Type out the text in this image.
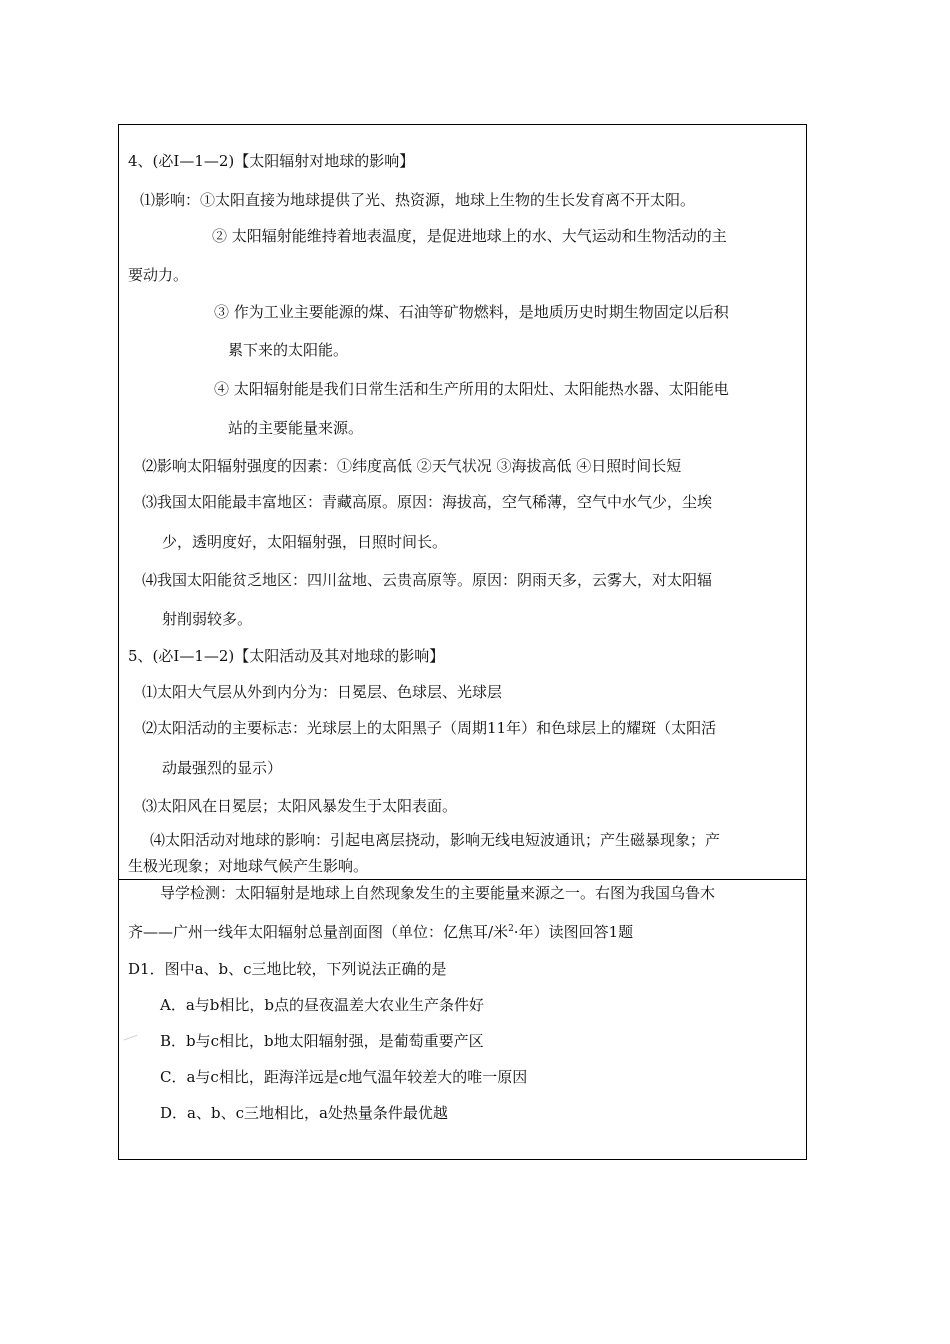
4、(必Ⅰ—1—2)【太阳辐射对地球的影响】
⑴影响：①太阳直接为地球提供了光、热资源，地球上生物的生长发育离不开太阳。
② 太阳辐射能维持着地表温度，是促进地球上的水、大气运动和生物活动的主
要动力。
③ 作为工业主要能源的煤、石油等矿物燃料，是地质历史时期生物固定以后积
累下来的太阳能。
④ 太阳辐射能是我们日常生活和生产所用的太阳灶、太阳能热水器、太阳能电
站的主要能量来源。
⑵影响太阳辐射强度的因素：①纬度高低 ②天气状况 ③海拔高低 ④日照时间长短
⑶我国太阳能最丰富地区：青藏高原。原因：海拔高，空气稀薄，空气中水气少，尘埃
少，透明度好，太阳辐射强，日照时间长。
⑷我国太阳能贫乏地区：四川盆地、云贵高原等。原因：阴雨天多，云雾大，对太阳辐
射削弱较多。
5、(必Ⅰ—1—2)【太阳活动及其对地球的影响】
⑴太阳大气层从外到内分为：日冕层、色球层、光球层
⑵太阳活动的主要标志：光球层上的太阳黑子（周期11年）和色球层上的耀斑（太阳活
动最强烈的显示）
⑶太阳风在日冕层；太阳风暴发生于太阳表面。
⑷太阳活动对地球的影响：引起电离层挠动，影响无线电短波通讯；产生磁暴现象；产
生极光现象；对地球气候产生影响。
导学检测：太阳辐射是地球上自然现象发生的主要能量来源之一。右图为我国乌鲁木
齐——广州一线年太阳辐射总量剖面图（单位：亿焦耳/米$^2$·年）读图回答1题
D1．图中a、b、c三地比较，下列说法正确的是
A．a与b相比，b点的昼夜温差大农业生产条件好
B．b与c相比，b地太阳辐射强，是葡萄重要产区
C．a与c相比，距海洋远是c地气温年较差大的唯一原因
D．a、b、c三地相比，a处热量条件最优越
